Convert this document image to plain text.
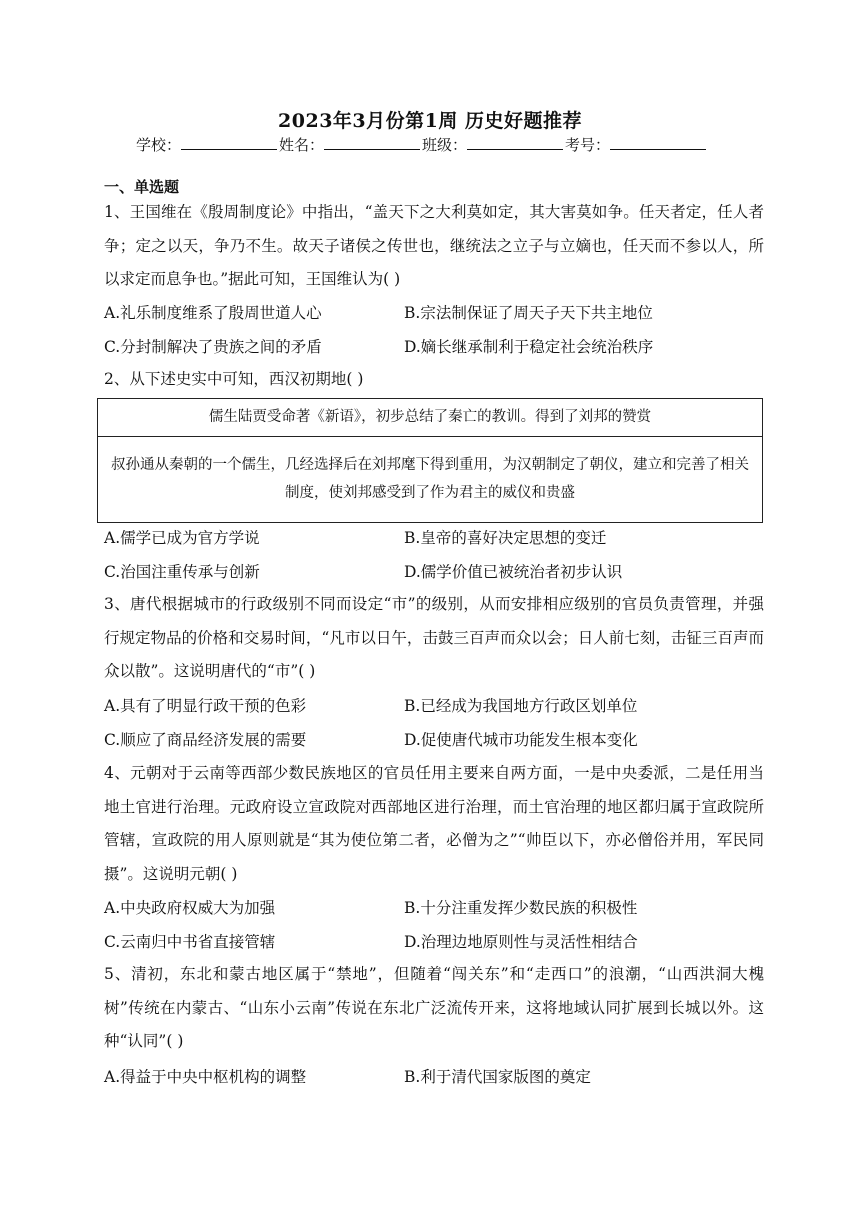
2023年3月份第1周 历史好题推荐
学校：	姓名：	班级：	考号：
一、单选题
1、王国维在《殷周制度论》中指出，“盖天下之大利莫如定，其大害莫如争。任天者定，任人者争；定之以天，争乃不生。故天子诸侯之传世也，继统法之立子与立嫡也，任天而不参以人，所以求定而息争也。”据此可知，王国维认为( )
A.礼乐制度维系了殷周世道人心	B.宗法制保证了周天子天下共主地位
C.分封制解决了贵族之间的矛盾	D.嫡长继承制利于稳定社会统治秩序
2、从下述史实中可知，西汉初期地( )
儒生陆贾受命著《新语》，初步总结了秦亡的教训。得到了刘邦的赞赏
叔孙通从秦朝的一个儒生，几经选择后在刘邦麾下得到重用，为汉朝制定了朝仪，建立和完善了相关制度，使刘邦感受到了作为君主的威仪和贵盛
A.儒学已成为官方学说	B.皇帝的喜好决定思想的变迁
C.治国注重传承与创新	D.儒学价值已被统治者初步认识
3、唐代根据城市的行政级别不同而设定“市”的级别，从而安排相应级别的官员负责管理，并强行规定物品的价格和交易时间，“凡市以日午，击鼓三百声而众以会；日人前七刻，击钲三百声而众以散”。这说明唐代的“市”( )
A.具有了明显行政干预的色彩	B.已经成为我国地方行政区划单位
C.顺应了商品经济发展的需要	D.促使唐代城市功能发生根本变化
4、元朝对于云南等西部少数民族地区的官员任用主要来自两方面，一是中央委派，二是任用当地土官进行治理。元政府设立宣政院对西部地区进行治理，而土官治理的地区都归属于宣政院所管辖，宣政院的用人原则就是“其为使位第二者，必僧为之”“帅臣以下，亦必僧俗并用，军民同摄”。这说明元朝( )
A.中央政府权威大为加强	B.十分注重发挥少数民族的积极性
C.云南归中书省直接管辖	D.治理边地原则性与灵活性相结合
5、清初，东北和蒙古地区属于“禁地”，但随着“闯关东”和“走西口”的浪潮，“山西洪洞大槐树”传统在内蒙古、“山东小云南”传说在东北广泛流传开来，这将地域认同扩展到长城以外。这种“认同”( )
A.得益于中央中枢机构的调整	B.利于清代国家版图的奠定
